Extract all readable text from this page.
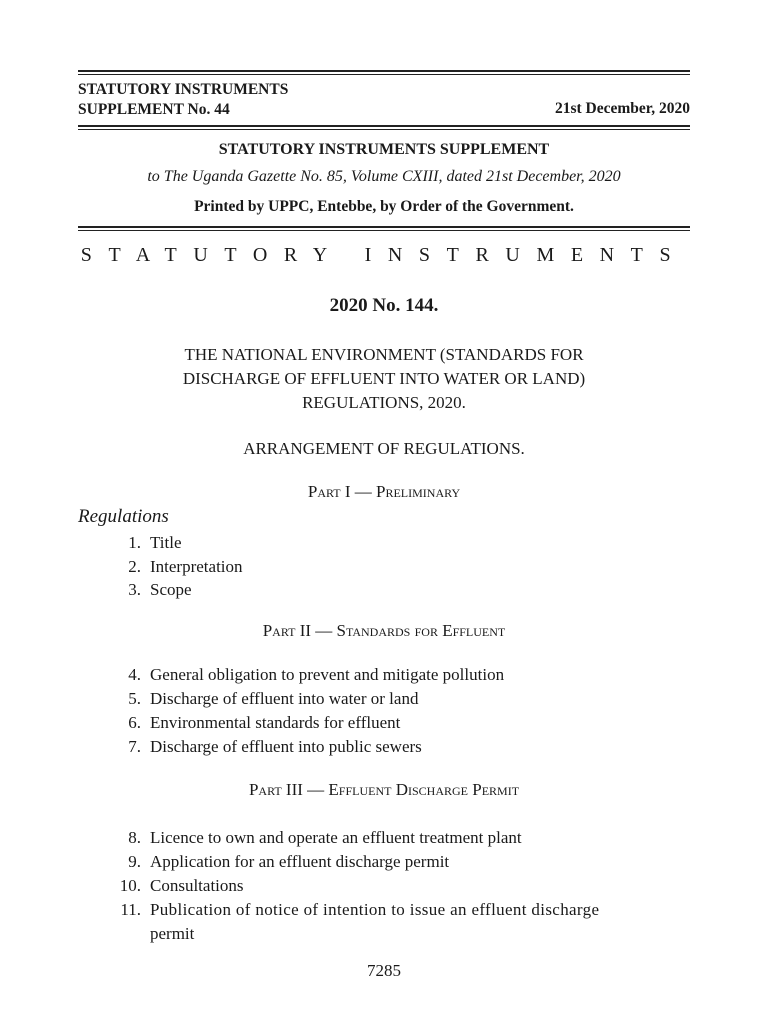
STATUTORY INSTRUMENTS
SUPPLEMENT No. 44	21st December, 2020
STATUTORY INSTRUMENTS SUPPLEMENT
to The Uganda Gazette No. 85, Volume CXIII, dated 21st December, 2020
Printed by UPPC, Entebbe, by Order of the Government.
STATUTORY INSTRUMENTS
2020 No. 144.
THE NATIONAL ENVIRONMENT (STANDARDS FOR
DISCHARGE OF EFFLUENT INTO WATER OR LAND)
REGULATIONS, 2020.
ARRANGEMENT OF REGULATIONS.
Part I — Preliminary
Regulations
1. Title
2. Interpretation
3. Scope
Part II — Standards for Effluent
4. General obligation to prevent and mitigate pollution
5. Discharge of effluent into water or land
6. Environmental standards for effluent
7. Discharge of effluent into public sewers
Part III — Effluent Discharge Permit
8. Licence to own and operate an effluent treatment plant
9. Application for an effluent discharge permit
10. Consultations
11. Publication of notice of intention to issue an effluent discharge
permit
7285
